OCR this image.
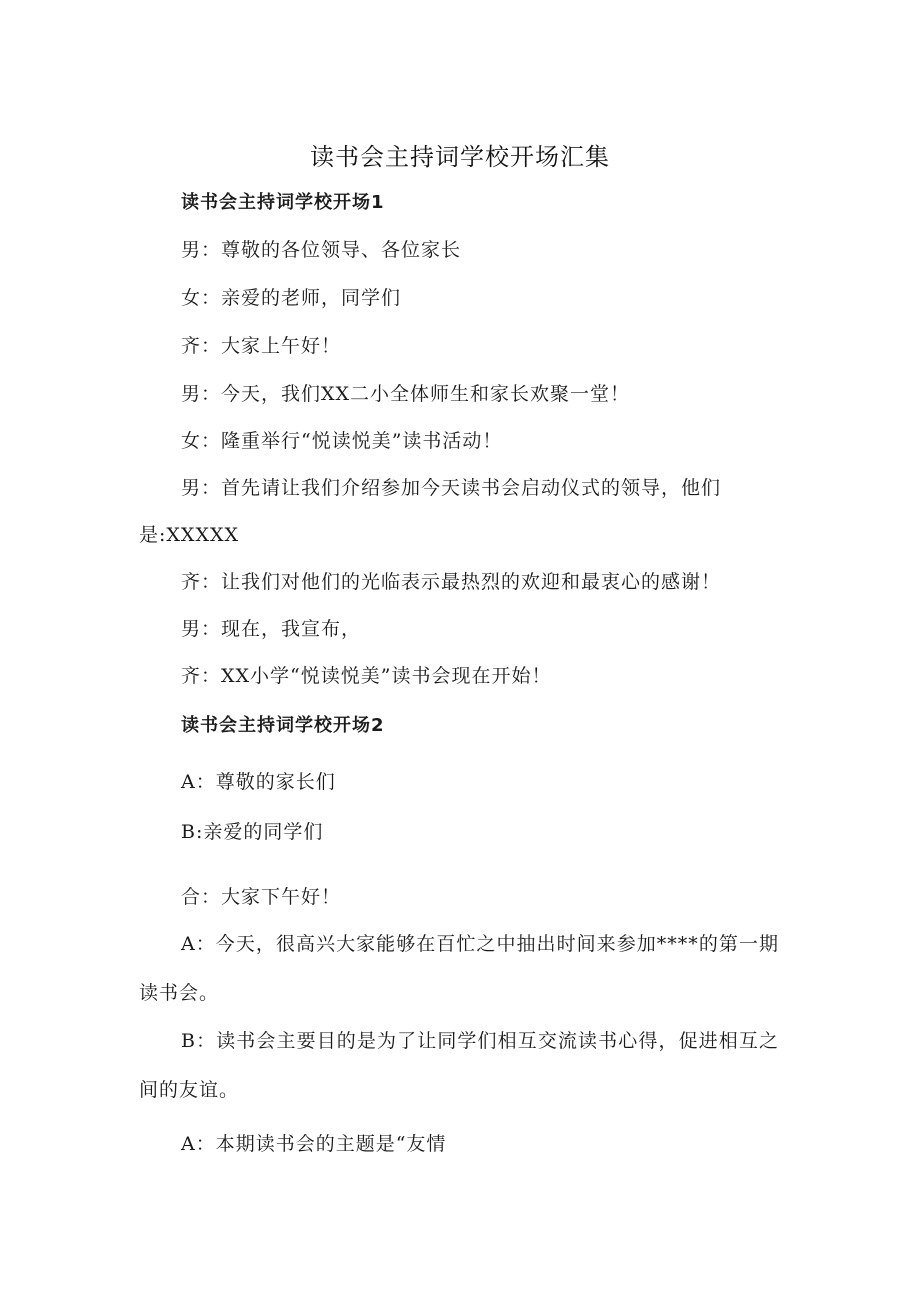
读书会主持词学校开场汇集
读书会主持词学校开场1
男：尊敬的各位领导、各位家长
女：亲爱的老师，同学们
齐：大家上午好！
男：今天，我们XX二小全体师生和家长欢聚一堂！
女：隆重举行“悦读悦美”读书活动！
男：首先请让我们介绍参加今天读书会启动仪式的领导，他们
是:XXXXX
齐：让我们对他们的光临表示最热烈的欢迎和最衷心的感谢！
男：现在，我宣布，
齐：XX小学“悦读悦美”读书会现在开始！
读书会主持词学校开场2
A：尊敬的家长们
B:亲爱的同学们
合：大家下午好！
A：今天，很高兴大家能够在百忙之中抽出时间来参加****的第一期读书会。
B：读书会主要目的是为了让同学们相互交流读书心得，促进相互之间的友谊。
A：本期读书会的主题是“友情
